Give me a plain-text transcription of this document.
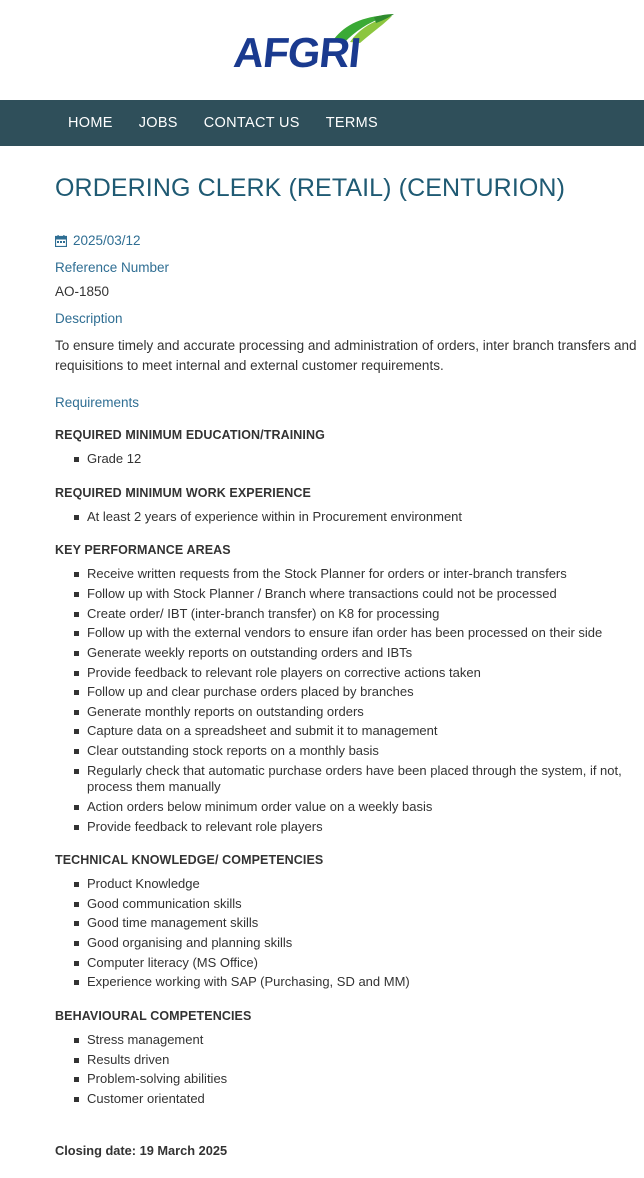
AFGRI
HOME	JOBS	CONTACT US	TERMS
ORDERING CLERK (RETAIL) (CENTURION)
2025/03/12
Reference Number
AO-1850
Description
To ensure timely and accurate processing and administration of orders, inter branch transfers and requisitions to meet internal and external customer requirements.
Requirements
REQUIRED MINIMUM EDUCATION/TRAINING
Grade 12
REQUIRED MINIMUM WORK EXPERIENCE
At least 2 years of experience within in Procurement environment
KEY PERFORMANCE AREAS
Receive written requests from the Stock Planner for orders or inter-branch transfers
Follow up with Stock Planner / Branch where transactions could not be processed
Create order/ IBT (inter-branch transfer) on K8 for processing
Follow up with the external vendors to ensure ifan order has been processed on their side
Generate weekly reports on outstanding orders and IBTs
Provide feedback to relevant role players on corrective actions taken
Follow up and clear purchase orders placed by branches
Generate monthly reports on outstanding orders
Capture data on a spreadsheet and submit it to management
Clear outstanding stock reports on a monthly basis
Regularly check that automatic purchase orders have been placed through the system, if not, process them manually
Action orders below minimum order value on a weekly basis
Provide feedback to relevant role players
TECHNICAL KNOWLEDGE/ COMPETENCIES
Product Knowledge
Good communication skills
Good time management skills
Good organising and planning skills
Computer literacy (MS Office)
Experience working with SAP (Purchasing, SD and MM)
BEHAVIOURAL COMPETENCIES
Stress management
Results driven
Problem-solving abilities
Customer orientated
Closing date: 19 March 2025
